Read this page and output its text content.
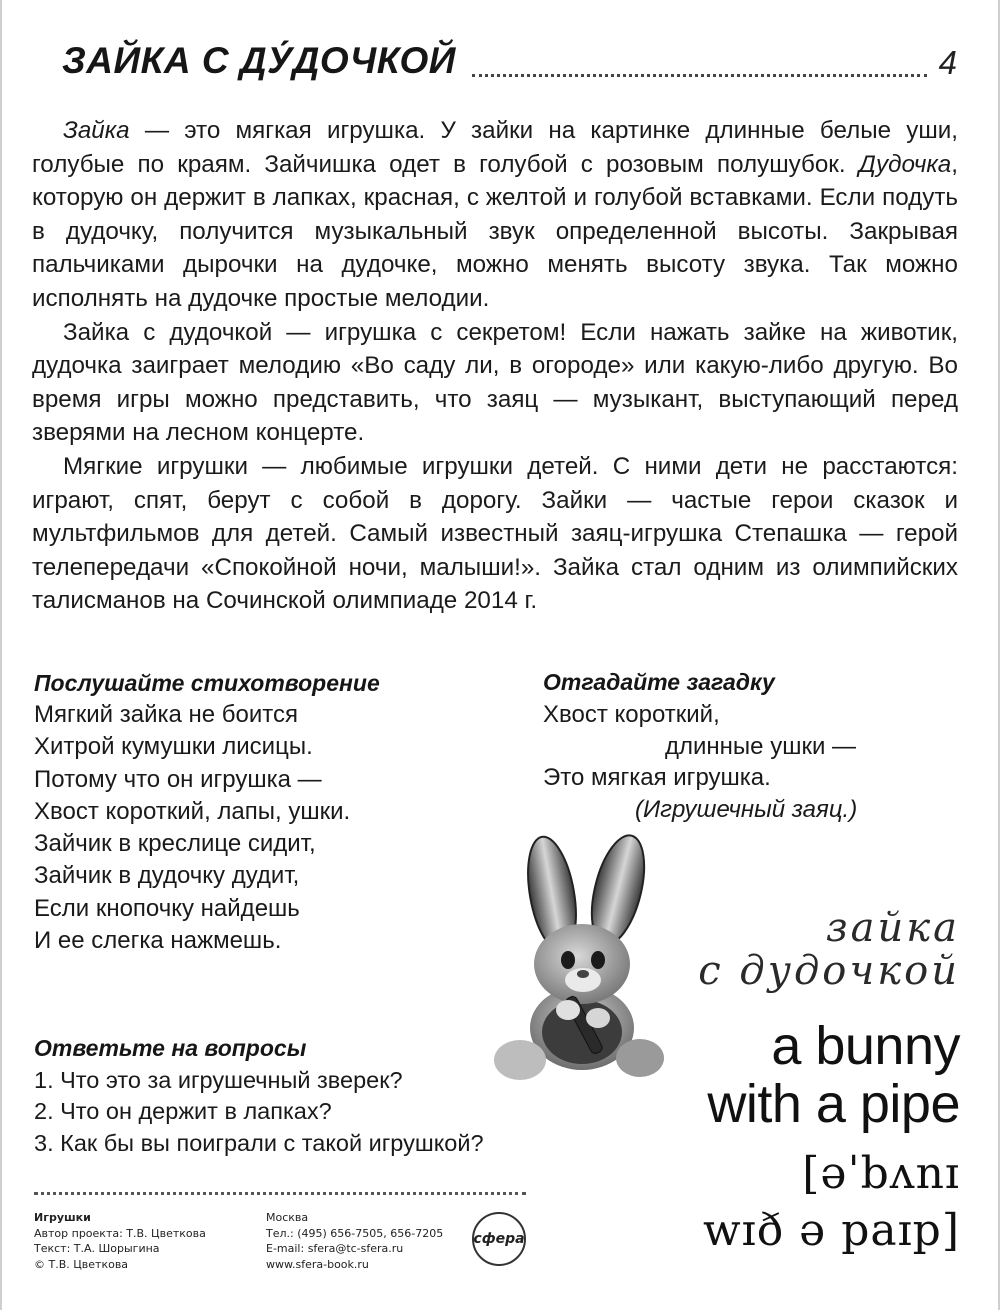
ЗАЙКА С ДУ́ДОЧКОЙ	4

Зайка — это мягкая игрушка. У зайки на картинке длинные белые уши, голубые по краям. Зайчишка одет в голубой с розовым полушубок. Дудочка, которую он держит в лапках, красная, с желтой и голубой вставками. Если подуть в дудочку, получится музыкальный звук определенной высоты. Закрывая пальчиками дырочки на дудочке, можно менять высоту звука. Так можно исполнять на дудочке простые мелодии.

Зайка с дудочкой — игрушка с секретом! Если нажать зайке на животик, дудочка заиграет мелодию «Во саду ли, в огороде» или какую-либо другую. Во время игры можно представить, что заяц — музыкант, выступающий перед зверями на лесном концерте.

Мягкие игрушки — любимые игрушки детей. С ними дети не расстаются: играют, спят, берут с собой в дорогу. Зайки — частые герои сказок и мультфильмов для детей. Самый известный заяц-игрушка Степашка — герой телепередачи «Спокойной ночи, малыши!». Зайка стал одним из олимпийских талисманов на Сочинской олимпиаде 2014 г.

Послушайте стихотворение
Мягкий зайка не боится
Хитрой кумушки лисицы.
Потому что он игрушка —
Хвост короткий, лапы, ушки.
Зайчик в креслице сидит,
Зайчик в дудочку дудит,
Если кнопочку найдешь
И ее слегка нажмешь.
Отгадайте загадку
Хвост короткий,
длинные ушки —
Это мягкая игрушка.
(Игрушечный заяц.)
Ответьте на вопросы
1. Что это за игрушечный зверек?
2. Что он держит в лапках?
3. Как бы вы поиграли с такой игрушкой?
зайка
с дудочкой
a bunny
with a pipe
[əˈbʌnɪ
wɪð ə paɪp]
Игрушки
Автор проекта: Т.В. Цветкова
Текст: Т.А. Шорыгина
© Т.В. Цветкова
Москва
Тел.: (495) 656-7505, 656-7205
E-mail: sfera@tc-sfera.ru
www.sfera-book.ru
сфера
